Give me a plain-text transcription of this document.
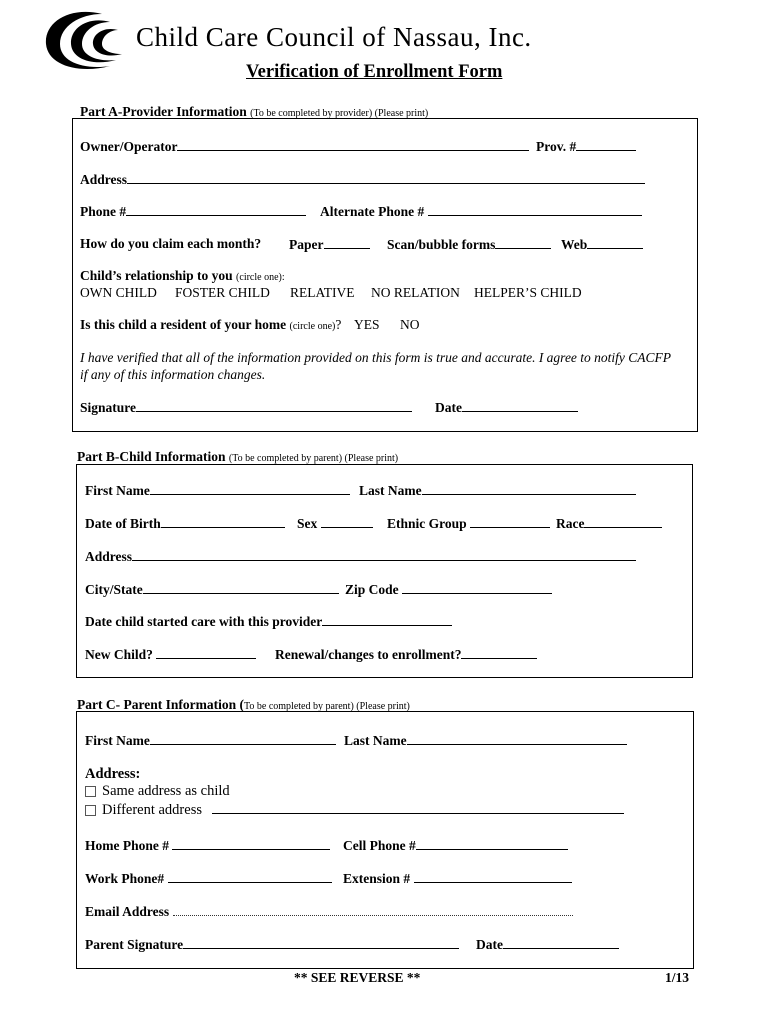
Child Care Council of Nassau, Inc.
Verification of Enrollment Form
Part A-Provider Information (To be completed by provider) (Please print)
Owner/Operator	Prov. #
Address
Phone #	Alternate Phone #
How do you claim each month? Paper	Scan/bubble forms	Web
Child’s relationship to you (circle one):
OWN CHILD FOSTER CHILD RELATIVE NO RELATION HELPER’S CHILD
Is this child a resident of your home (circle one)? YES NO
I have verified that all of the information provided on this form is true and accurate. I agree to notify CACFP
if any of this information changes.
Signature	Date
Part B-Child Information (To be completed by parent) (Please print)
First Name	Last Name
Date of Birth	Sex	Ethnic Group	Race
Address
City/State	Zip Code
Date child started care with this provider
New Child?	Renewal/changes to enrollment?
Part C- Parent Information (To be completed by parent) (Please print)
First Name	Last Name
Address:
Same address as child
Different address
Home Phone #	Cell Phone #
Work Phone#	Extension #
Email Address
Parent Signature	Date
** SEE REVERSE **	1/13
